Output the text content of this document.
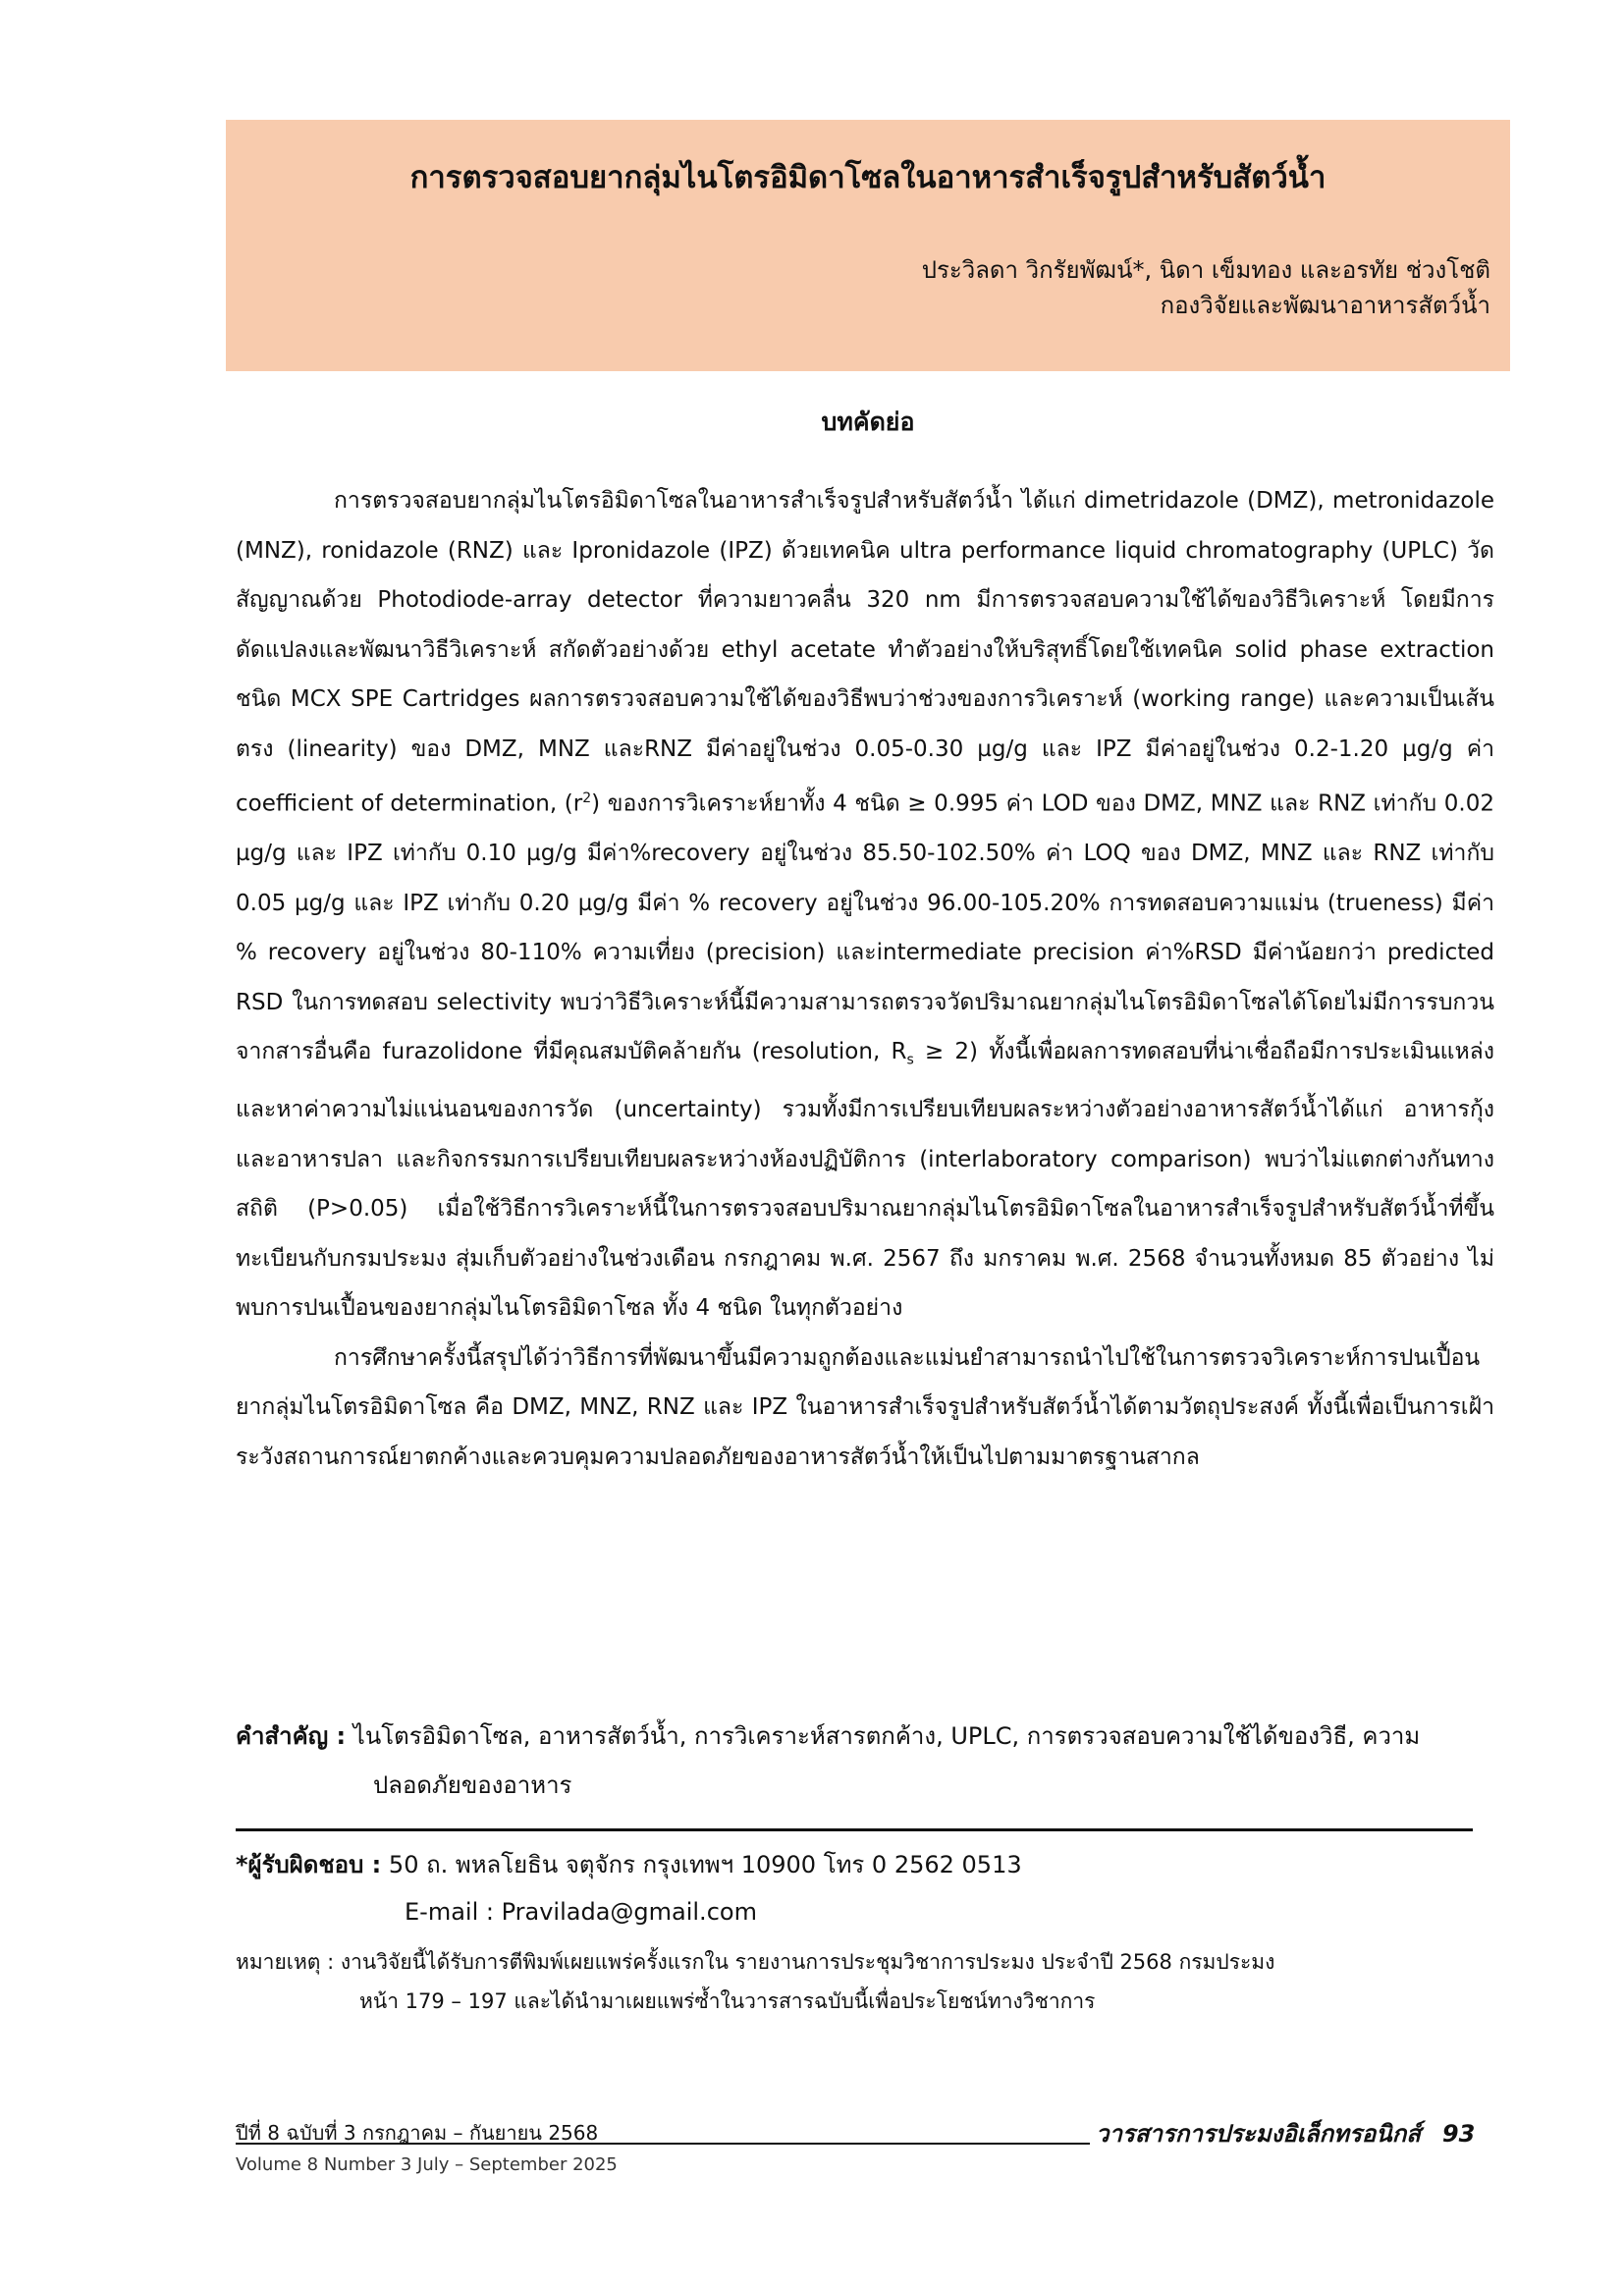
การตรวจสอบยากลุ่มไนโตรอิมิดาโซลในอาหารสำเร็จรูปสำหรับสัตว์น้ำ

ประวิลดา วิกรัยพัฒน์*, นิดา เข็มทอง และอรทัย ช่วงโชติ

กองวิจัยและพัฒนาอาหารสัตว์น้ำ

บทคัดย่อ

การตรวจสอบยากลุ่มไนโตรอิมิดาโซลในอาหารสำเร็จรูปสำหรับสัตว์น้ำ ได้แก่ dimetridazole (DMZ), metronidazole (MNZ), ronidazole (RNZ) และ Ipronidazole (IPZ) ด้วยเทคนิค ultra performance liquid chromatography (UPLC) วัดสัญญาณด้วย Photodiode-array detector ที่ความยาวคลื่น 320 nm มีการตรวจสอบความใช้ได้ของวิธีวิเคราะห์ โดยมีการดัดแปลงและพัฒนาวิธีวิเคราะห์ สกัดตัวอย่างด้วย ethyl acetate ทำตัวอย่างให้บริสุทธิ์โดยใช้เทคนิค solid phase extraction ชนิด MCX SPE Cartridges ผลการตรวจสอบความใช้ได้ของวิธีพบว่าช่วงของการวิเคราะห์ (working range) และความเป็นเส้นตรง (linearity) ของ DMZ, MNZ และRNZ มีค่าอยู่ในช่วง 0.05-0.30 µg/g และ IPZ มีค่าอยู่ในช่วง 0.2-1.20 µg/g ค่า coefficient of determination, $(r^2)$ ของการวิเคราะห์ยาทั้ง 4 ชนิด ≥ 0.995 ค่า LOD ของ DMZ, MNZ และ RNZ เท่ากับ 0.02 µg/g และ IPZ เท่ากับ 0.10 µg/g มีค่า%recovery อยู่ในช่วง 85.50-102.50% ค่า LOQ ของ DMZ, MNZ และ RNZ เท่ากับ 0.05 µg/g และ IPZ เท่ากับ 0.20 µg/g มีค่า % recovery อยู่ในช่วง 96.00-105.20% การทดสอบความแม่น (trueness) มีค่า % recovery อยู่ในช่วง 80-110% ความเที่ยง (precision) และintermediate precision ค่า%RSD มีค่าน้อยกว่า predicted RSD ในการทดสอบ selectivity พบว่าวิธีวิเคราะห์นี้มีความสามารถตรวจวัดปริมาณยากลุ่มไนโตรอิมิดาโซลได้โดยไม่มีการรบกวนจากสารอื่นคือ furazolidone ที่มีคุณสมบัติคล้ายกัน (resolution, $R_s \ge 2$) ทั้งนี้เพื่อผลการทดสอบที่น่าเชื่อถือมีการประเมินแหล่งและหาค่าความไม่แน่นอนของการวัด (uncertainty) รวมทั้งมีการเปรียบเทียบผลระหว่างตัวอย่างอาหารสัตว์น้ำได้แก่ อาหารกุ้ง และอาหารปลา และกิจกรรมการเปรียบเทียบผลระหว่างห้องปฏิบัติการ (interlaboratory comparison) พบว่าไม่แตกต่างกันทางสถิติ (P>0.05) เมื่อใช้วิธีการวิเคราะห์นี้ในการตรวจสอบปริมาณยากลุ่มไนโตรอิมิดาโซลในอาหารสำเร็จรูปสำหรับสัตว์น้ำที่ขึ้นทะเบียนกับกรมประมง สุ่มเก็บตัวอย่างในช่วงเดือน กรกฎาคม พ.ศ. 2567 ถึง มกราคม พ.ศ. 2568 จำนวนทั้งหมด 85 ตัวอย่าง ไม่พบการปนเปื้อนของยากลุ่มไนโตรอิมิดาโซล ทั้ง 4 ชนิด ในทุกตัวอย่าง

การศึกษาครั้งนี้สรุปได้ว่าวิธีการที่พัฒนาขึ้นมีความถูกต้องและแม่นยำสามารถนำไปใช้ในการตรวจวิเคราะห์การปนเปื้อนยากลุ่มไนโตรอิมิดาโซล คือ DMZ, MNZ, RNZ และ IPZ ในอาหารสำเร็จรูปสำหรับสัตว์น้ำได้ตามวัตถุประสงค์ ทั้งนี้เพื่อเป็นการเฝ้าระวังสถานการณ์ยาตกค้างและควบคุมความปลอดภัยของอาหารสัตว์น้ำให้เป็นไปตามมาตรฐานสากล

คำสำคัญ : ไนโตรอิมิดาโซล, อาหารสัตว์น้ำ, การวิเคราะห์สารตกค้าง, UPLC, การตรวจสอบความใช้ได้ของวิธี, ความปลอดภัยของอาหาร
*ผู้รับผิดชอบ : 50 ถ. พหลโยธิน จตุจักร กรุงเทพฯ 10900 โทร 0 2562 0513
E-mail : Pravilada@gmail.com
หมายเหตุ : งานวิจัยนี้ได้รับการตีพิมพ์เผยแพร่ครั้งแรกใน รายงานการประชุมวิชาการประมง ประจำปี 2568 กรมประมง
หน้า 179 – 197 และได้นำมาเผยแพร่ซ้ำในวารสารฉบับนี้เพื่อประโยชน์ทางวิชาการ

ปีที่ 8 ฉบับที่ 3 กรกฎาคม – กันยายน 2568

Volume 8 Number 3 July – September 2025

วารสารการประมงอิเล็กทรอนิกส์ 93
